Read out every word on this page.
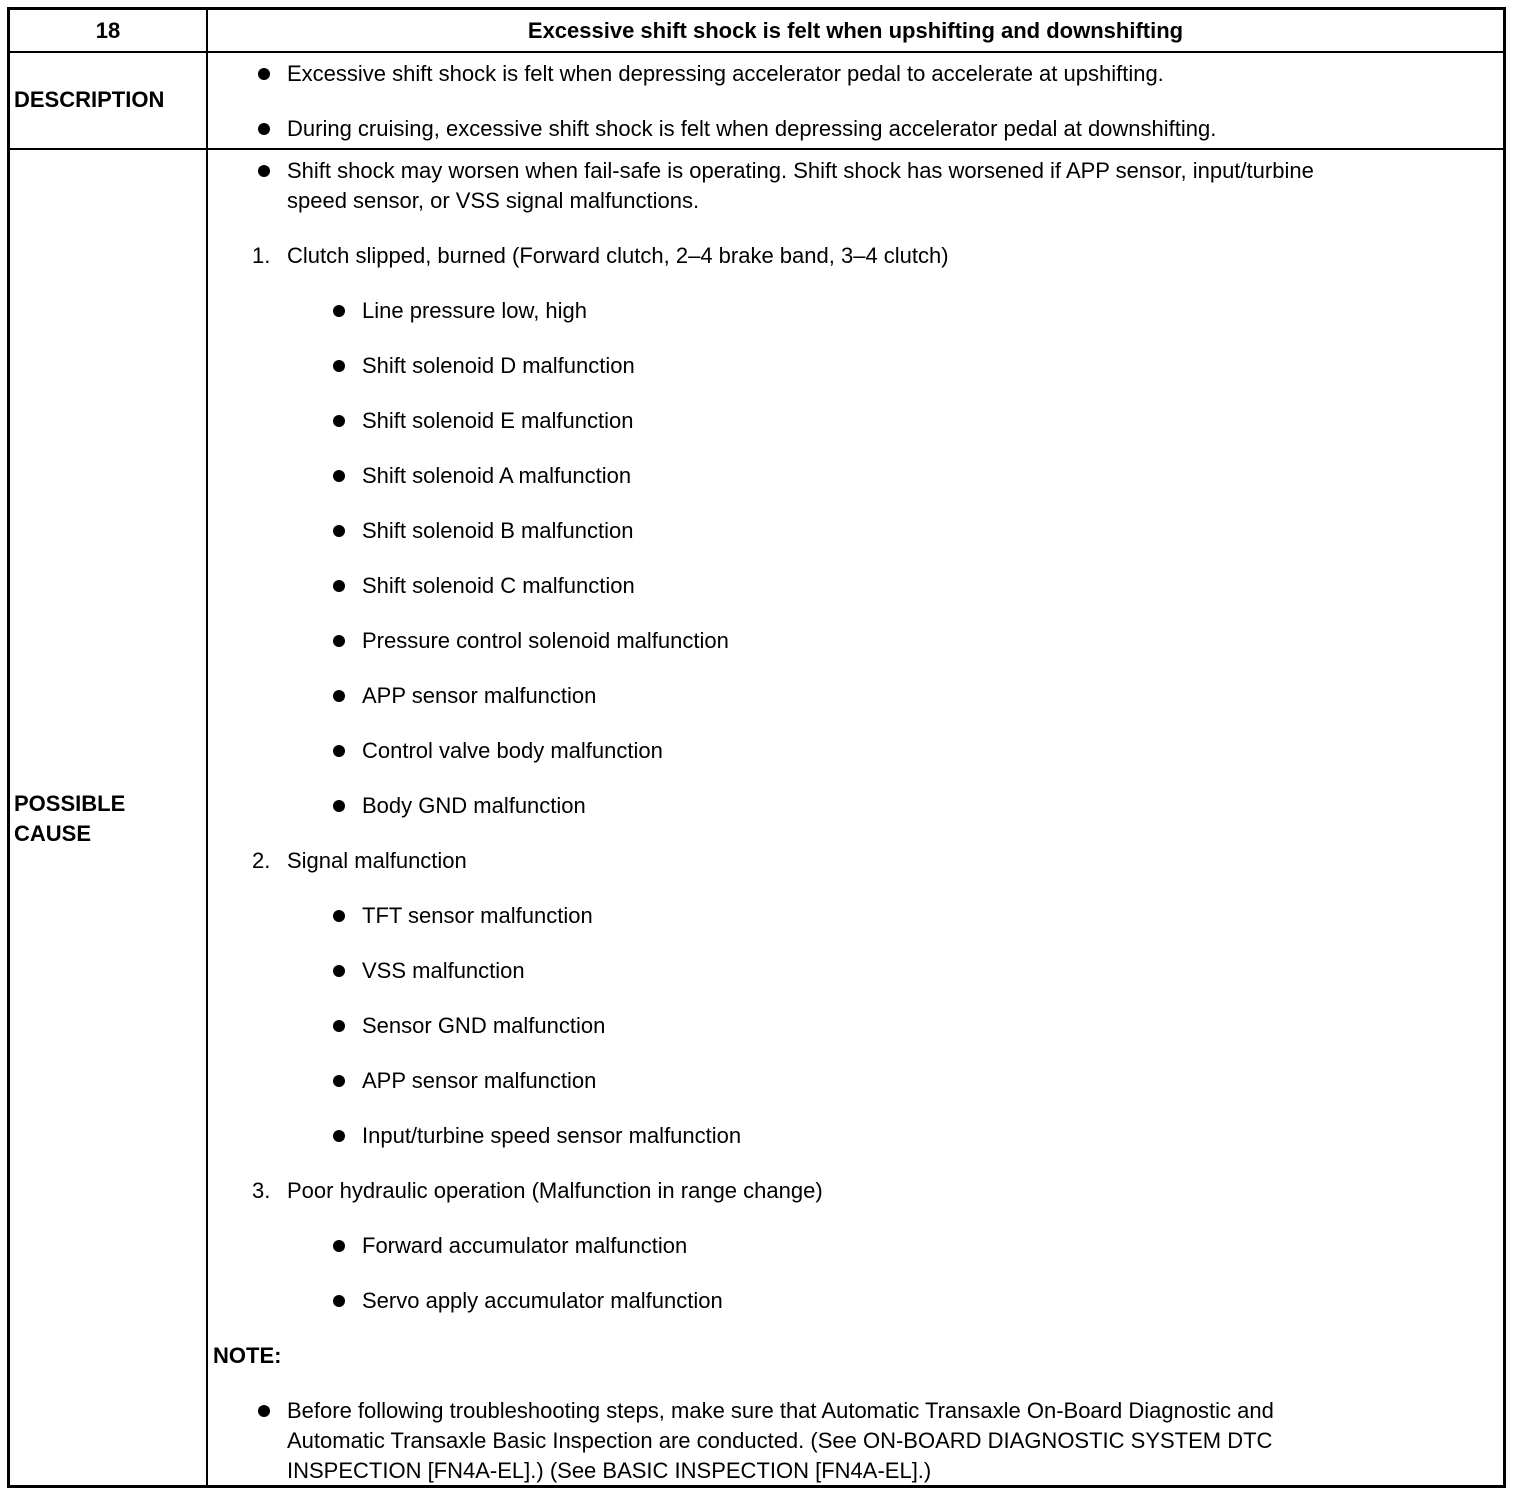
18	Excessive shift shock is felt when upshifting and downshifting
DESCRIPTION
Excessive shift shock is felt when depressing accelerator pedal to accelerate at upshifting.
During cruising, excessive shift shock is felt when depressing accelerator pedal at downshifting.
POSSIBLE
CAUSE
Shift shock may worsen when fail-safe is operating. Shift shock has worsened if APP sensor, input/turbine
speed sensor, or VSS signal malfunctions.
1. Clutch slipped, burned (Forward clutch, 2–4 brake band, 3–4 clutch)
Line pressure low, high
Shift solenoid D malfunction
Shift solenoid E malfunction
Shift solenoid A malfunction
Shift solenoid B malfunction
Shift solenoid C malfunction
Pressure control solenoid malfunction
APP sensor malfunction
Control valve body malfunction
Body GND malfunction
2. Signal malfunction
TFT sensor malfunction
VSS malfunction
Sensor GND malfunction
APP sensor malfunction
Input/turbine speed sensor malfunction
3. Poor hydraulic operation (Malfunction in range change)
Forward accumulator malfunction
Servo apply accumulator malfunction
NOTE:
Before following troubleshooting steps, make sure that Automatic Transaxle On-Board Diagnostic and
Automatic Transaxle Basic Inspection are conducted. (See ON-BOARD DIAGNOSTIC SYSTEM DTC
INSPECTION [FN4A-EL].) (See BASIC INSPECTION [FN4A-EL].)
